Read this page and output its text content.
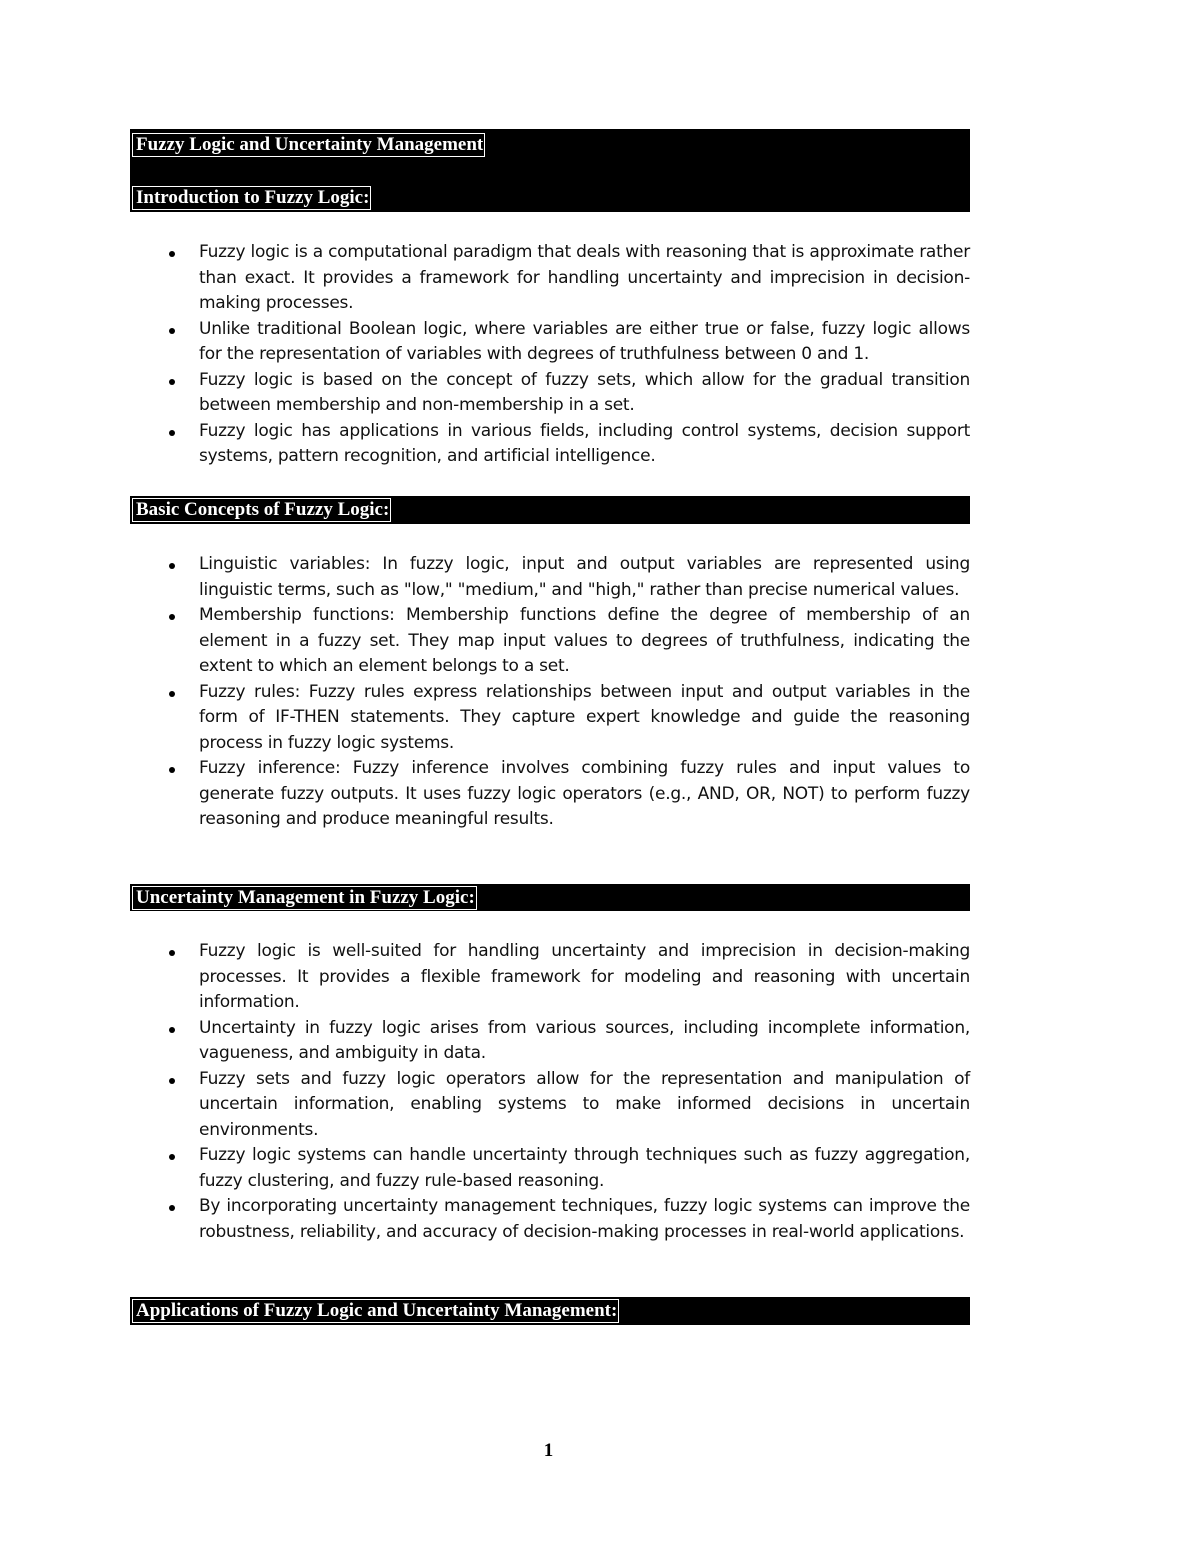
Fuzzy Logic and Uncertainty Management
Introduction to Fuzzy Logic:
Fuzzy logic is a computational paradigm that deals with reasoning that is approximate rather than exact. It provides a framework for handling uncertainty and imprecision in decision-making processes.
Unlike traditional Boolean logic, where variables are either true or false, fuzzy logic allows for the representation of variables with degrees of truthfulness between 0 and 1.
Fuzzy logic is based on the concept of fuzzy sets, which allow for the gradual transition between membership and non-membership in a set.
Fuzzy logic has applications in various fields, including control systems, decision support systems, pattern recognition, and artificial intelligence.
Basic Concepts of Fuzzy Logic:
Linguistic variables: In fuzzy logic, input and output variables are represented using linguistic terms, such as "low," "medium," and "high," rather than precise numerical values.
Membership functions: Membership functions define the degree of membership of an element in a fuzzy set. They map input values to degrees of truthfulness, indicating the extent to which an element belongs to a set.
Fuzzy rules: Fuzzy rules express relationships between input and output variables in the form of IF-THEN statements. They capture expert knowledge and guide the reasoning process in fuzzy logic systems.
Fuzzy inference: Fuzzy inference involves combining fuzzy rules and input values to generate fuzzy outputs. It uses fuzzy logic operators (e.g., AND, OR, NOT) to perform fuzzy reasoning and produce meaningful results.
Uncertainty Management in Fuzzy Logic:
Fuzzy logic is well-suited for handling uncertainty and imprecision in decision-making processes. It provides a flexible framework for modeling and reasoning with uncertain information.
Uncertainty in fuzzy logic arises from various sources, including incomplete information, vagueness, and ambiguity in data.
Fuzzy sets and fuzzy logic operators allow for the representation and manipulation of uncertain information, enabling systems to make informed decisions in uncertain environments.
Fuzzy logic systems can handle uncertainty through techniques such as fuzzy aggregation, fuzzy clustering, and fuzzy rule-based reasoning.
By incorporating uncertainty management techniques, fuzzy logic systems can improve the robustness, reliability, and accuracy of decision-making processes in real-world applications.
Applications of Fuzzy Logic and Uncertainty Management:
1
